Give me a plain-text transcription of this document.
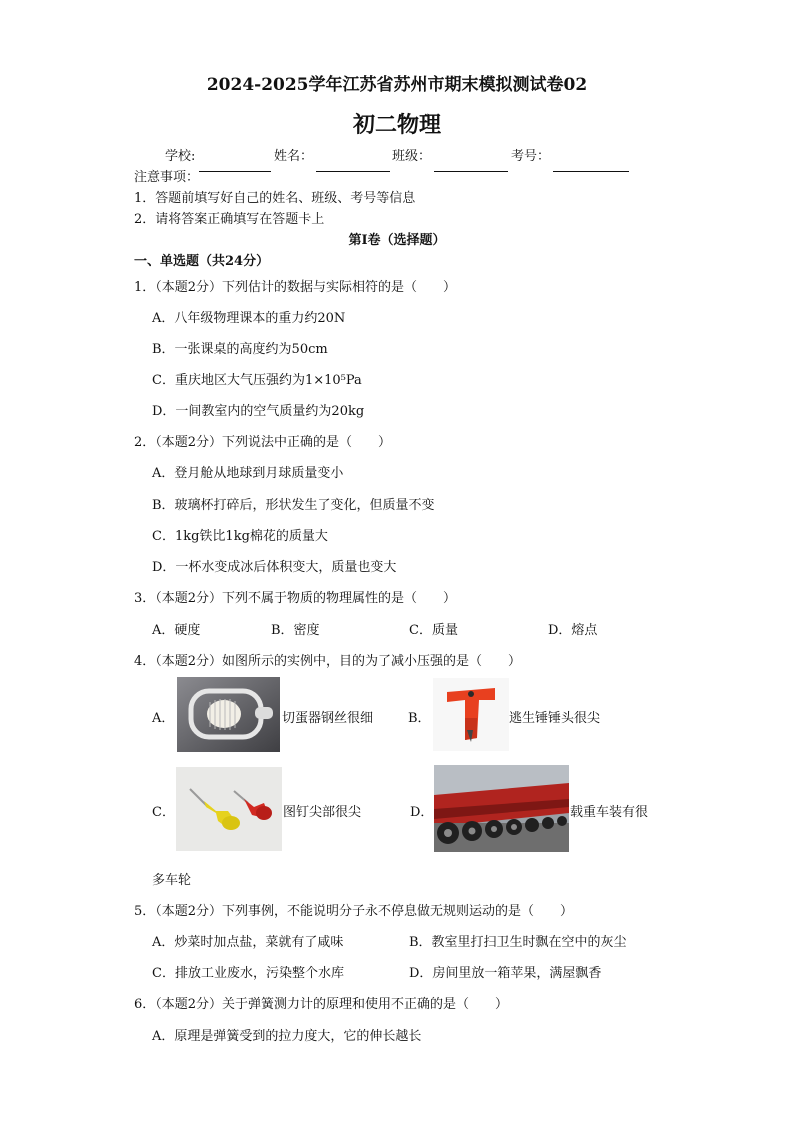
2024-2025学年江苏省苏州市期末模拟测试卷02
初二物理
学校:	姓名：	班级：	考号：
注意事项：
1．答题前填写好自己的姓名、班级、考号等信息
2．请将答案正确填写在答题卡上
第I卷（选择题）
一、单选题（共24分）
1．（本题2分）下列估计的数据与实际相符的是（　　）
A．八年级物理课本的重力约20N
B．一张课桌的高度约为50cm
C．重庆地区大气压强约为1×10⁵Pa
D．一间教室内的空气质量约为20kg
2．（本题2分）下列说法中正确的是（　　）
A．登月舱从地球到月球质量变小
B．玻璃杯打碎后，形状发生了变化，但质量不变
C．1kg铁比1kg棉花的质量大
D．一杯水变成冰后体积变大，质量也变大
3．（本题2分）下列不属于物质的物理属性的是（　　）
A．硬度	B．密度	C．质量	D．熔点
4．（本题2分）如图所示的实例中，目的为了减小压强的是（　　）
A．	切蛋器钢丝很细	B．	逃生锤锤头很尖
C．	图钉尖部很尖	D．	载重车装有很
多车轮
5．（本题2分）下列事例，不能说明分子永不停息做无规则运动的是（　　）
A．炒菜时加点盐，菜就有了咸味	B．教室里打扫卫生时飘在空中的灰尘
C．排放工业废水，污染整个水库	D．房间里放一箱苹果，满屋飘香
6．（本题2分）关于弹簧测力计的原理和使用不正确的是（　　）
A．原理是弹簧受到的拉力度大，它的伸长越长
